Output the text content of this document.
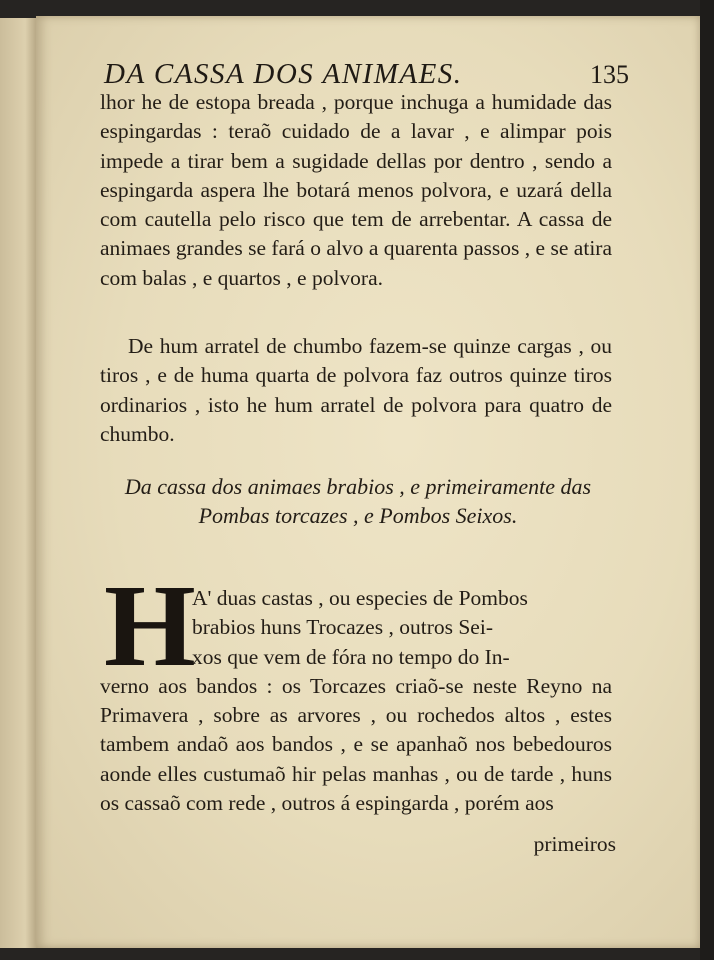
DA CASSA DOS ANIMAES.	135
lhor he de estopa breada , porque inchuga a humidade das espingardas : teraõ cuidado de a lavar , e alimpar pois impede a tirar bem a sugidade dellas por dentro , sendo a espingarda aspera lhe botará menos polvora, e uzará della com cautella pelo risco que tem de arrebentar. A cassa de animaes grandes se fará o alvo a quarenta passos , e se atira com balas , e quartos , e polvora.
De hum arratel de chumbo fazem-se quinze cargas , ou tiros , e de huma quarta de polvora faz outros quinze tiros ordinarios , isto he hum arratel de polvora para quatro de chumbo.
Da cassa dos animaes brabios , e primeiramente das Pombas torcazes , e Pombos Seixos.
H
A' duas castas , ou especies de Pombos
brabios huns Trocazes , outros Sei-
xos que vem de fóra no tempo do In-
verno aos bandos : os Torcazes criaõ-se neste Reyno na Primavera , sobre as arvores , ou rochedos altos , estes tambem andaõ aos bandos , e se apanhaõ nos bebedouros aonde elles custumaõ hir pelas manhas , ou de tarde , huns os cassaõ com rede , outros á espingarda , porém aos
primeiros
